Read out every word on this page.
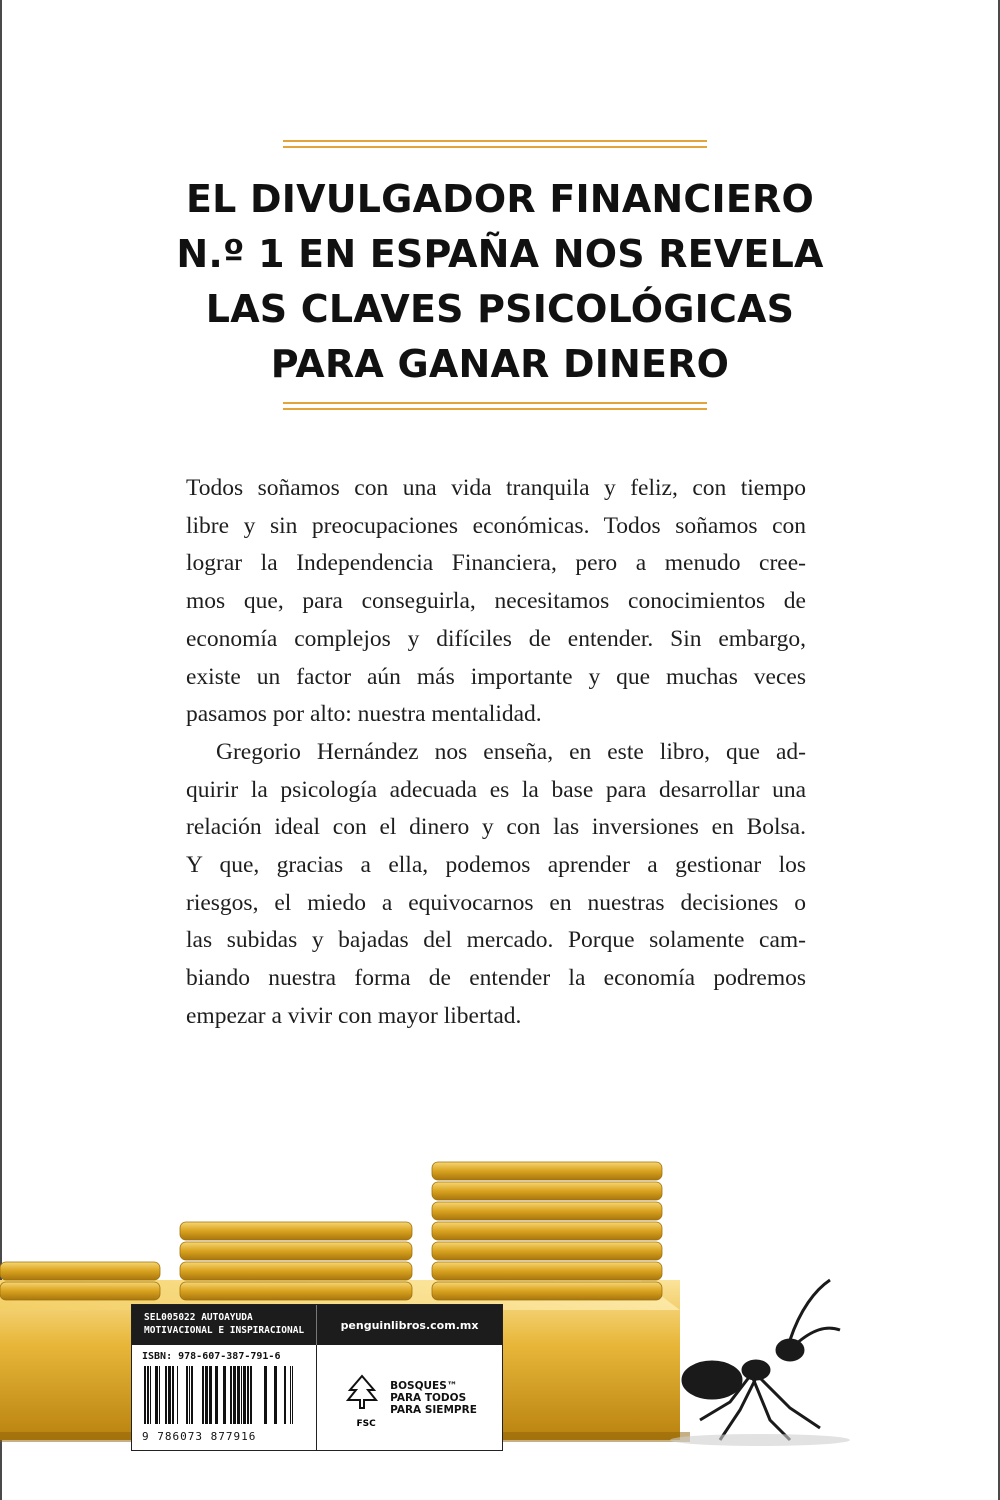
EL DIVULGADOR FINANCIERO
N.º 1 EN ESPAÑA NOS REVELA
LAS CLAVES PSICOLÓGICAS
PARA GANAR DINERO
Todos soñamos con una vida tranquila y feliz, con tiempo
libre y sin preocupaciones económicas. Todos soñamos con
lograr la Independencia Financiera, pero a menudo cree-
mos que, para conseguirla, necesitamos conocimientos de
economía complejos y difíciles de entender. Sin embargo,
existe un factor aún más importante y que muchas veces
pasamos por alto: nuestra mentalidad.
Gregorio Hernández nos enseña, en este libro, que ad-
quirir la psicología adecuada es la base para desarrollar una
relación ideal con el dinero y con las inversiones en Bolsa.
Y que, gracias a ella, podemos aprender a gestionar los
riesgos, el miedo a equivocarnos en nuestras decisiones o
las subidas y bajadas del mercado. Porque solamente cam-
biando nuestra forma de entender la economía podremos
empezar a vivir con mayor libertad.
SEL005022 AUTOAYUDA
MOTIVACIONAL E INSPIRACIONAL	penguinlibros.com.mx
ISBN: 978-607-387-791-6
9 786073 877916
FSC
BOSQUES™
PARA TODOS
PARA SIEMPRE
